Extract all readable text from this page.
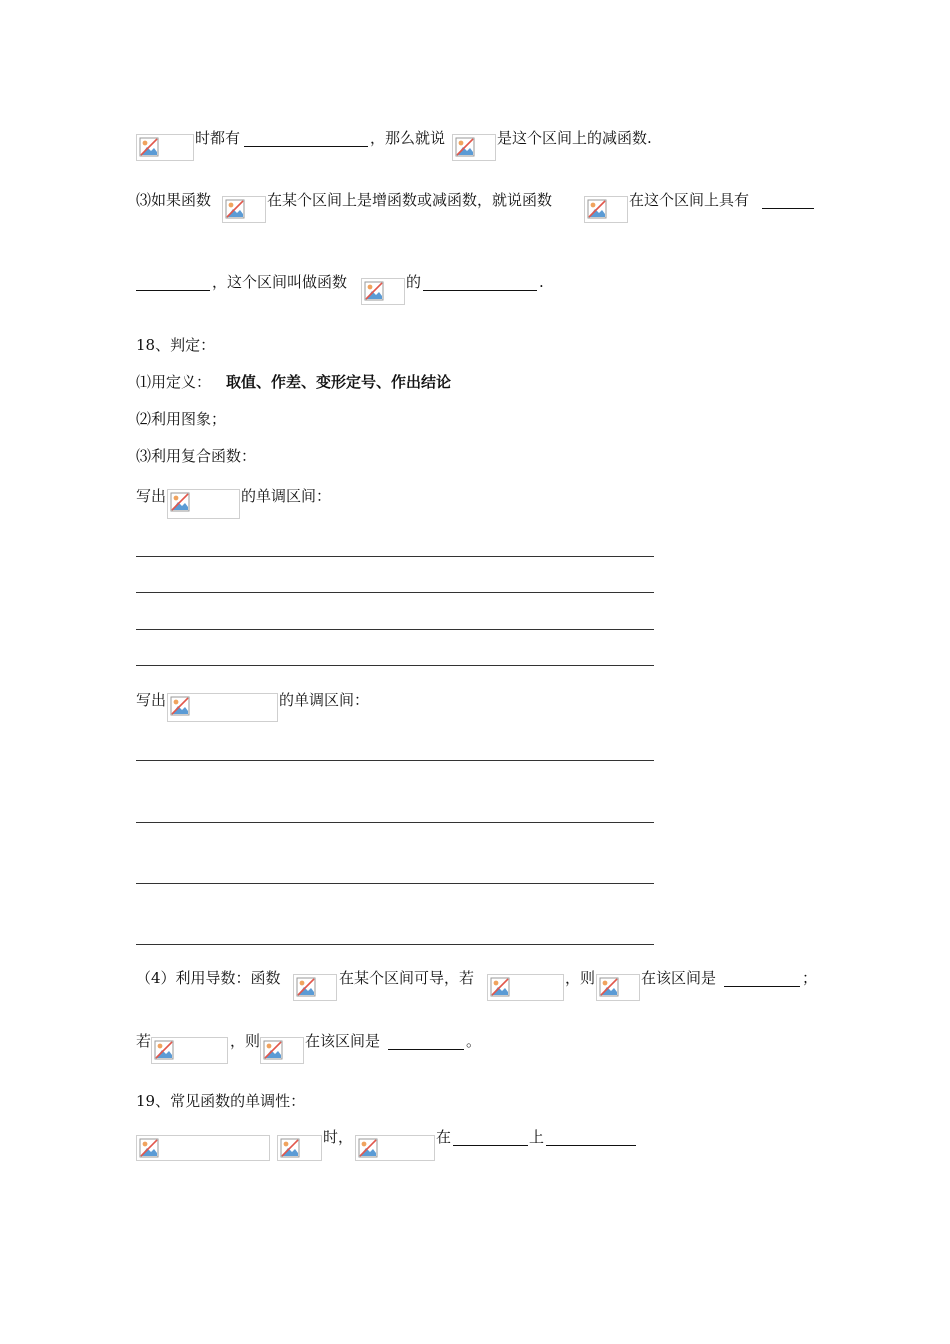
时都有	，那么就说	是这个区间上的减函数.
⑶如果函数	在某个区间上是增函数或减函数，就说函数	在这个区间上具有
，这个区间叫做函数	的	.
18、判定：
⑴用定义： 取值、作差、变形定号、作出结论
⑵利用图象；
⑶利用复合函数：
写出	的单调区间：
写出	的单调区间：
（4）利用导数：函数	在某个区间可导，若	，则	在该区间是	；
若	，则	在该区间是	。
19、常见函数的单调性：
时，	在	上
